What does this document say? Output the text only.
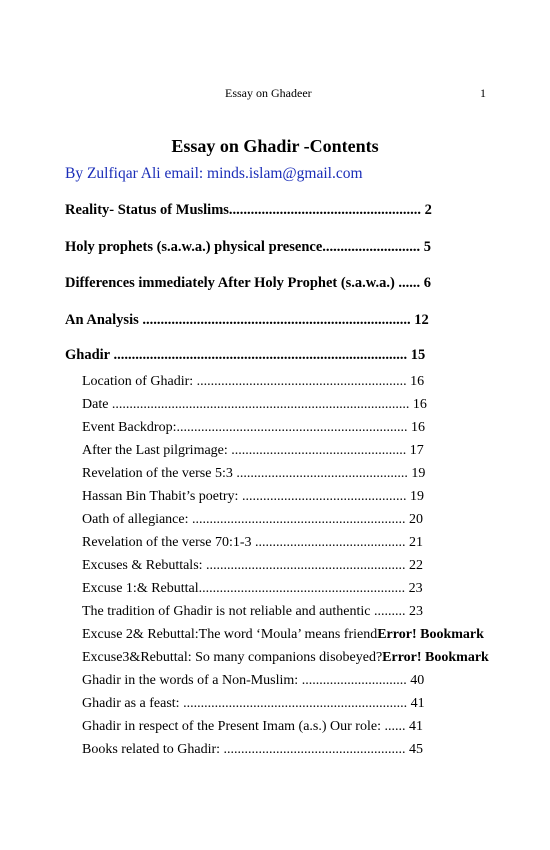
Essay on Ghadeer	1
Essay on Ghadir -Contents
By Zulfiqar Ali email: minds.islam@gmail.com
Reality- Status of Muslims..................................................... 2
Holy prophets (s.a.w.a.) physical presence........................... 5
Differences immediately After Holy Prophet (s.a.w.a.) ...... 6
An Analysis .......................................................................... 12
Ghadir ................................................................................. 15
Location of Ghadir: ............................................................ 16
Date ..................................................................................... 16
Event Backdrop:.................................................................. 16
After the Last pilgrimage: .................................................. 17
Revelation of the verse 5:3 ................................................. 19
Hassan Bin Thabit’s poetry: ............................................... 19
Oath of allegiance: ............................................................. 20
Revelation of the verse 70:1-3 ........................................... 21
Excuses & Rebuttals: ......................................................... 22
Excuse 1:& Rebuttal........................................................... 23
The tradition of Ghadir is not reliable and authentic ......... 23
Excuse 2& Rebuttal:The word ‘Moula’ means friendError! Bookmark
Excuse3&Rebuttal: So many companions disobeyed?Error! Bookmark
Ghadir in the words of a Non-Muslim: .............................. 40
Ghadir as a feast: ................................................................ 41
Ghadir in respect of the Present Imam (a.s.) Our role: ...... 41
Books related to Ghadir: .................................................... 45
